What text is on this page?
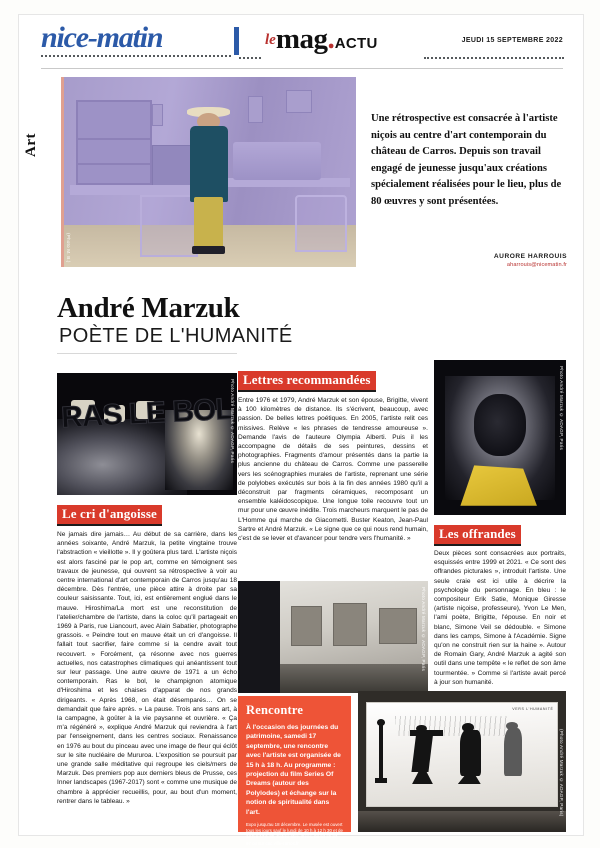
nice-matin	lemag.ACTU	JEUDI 15 SEPTEMBRE 2022
Art
(Photo M. B.)
Une rétrospective est consacrée à l'artiste niçois au centre d'art contemporain du château de Carros. Depuis son travail engagé de jeunesse jusqu'aux créations spécialement réalisées pour le lieu, plus de 80 œuvres y sont présentées.
AURORE HARROUIS
aharrouis@nicematin.fr
André Marzuk
POÈTE DE L'HUMANITÉ
RAS LE BOL
Photo André Marzuk © ADAGP, Paris
Le cri d'angoisse
Ne jamais dire jamais… Au début de sa carrière, dans les années soixante, André Marzuk, la petite vingtaine trouve l'abstraction « vieillotte ». Il y goûtera plus tard. L'artiste niçois est alors fasciné par le pop art, comme en témoignent ses travaux de jeunesse, qui ouvrent sa rétrospective à voir au centre international d'art contemporain de Carros jusqu'au 18 décembre. Dès l'entrée, une pièce attire à droite par sa couleur saisissante. Tout, ici, est entièrement englué dans le mauve. Hiroshima/La mort est une reconstitution de l'atelier/chambre de l'artiste, dans la coloc qu'il partageait en 1969 à Paris, rue Liancourt, avec Alain Sabatier, photographe grassois. « Peindre tout en mauve était un cri d'angoisse. Il fallait tout sacrifier, faire comme si la cendre avait tout recouvert. » Forcément, ça résonne avec nos guerres actuelles, nos catastrophes climatiques qui anéantissent tout sur leur passage. Une autre œuvre de 1971 a un écho contemporain. Ras le bol, le champignon atomique d'Hiroshima et les chaises d'apparat de nos grands dirigeants. « Après 1968, on était désemparés… On se demandait que faire après. » La pause. Trois ans sans art, à la campagne, à goûter à la vie paysanne et ouvrière. « Ça m'a régénéré », explique André Marzuk qui reviendra à l'art par l'enseignement, dans les centres sociaux. Renaissance en 1976 au bout du pinceau avec une image de fleur qui éclôt sur le site nucléaire de Mururoa. L'exposition se poursuit par une grande salle méditative qui regroupe les ciels/mers de Marzuk. Des premiers pop aux derniers bleus de Prusse, ces Inner landscapes (1967-2017) sont « comme une musique de chambre à apprécier recueillis, pour, au bout d'un moment, rentrer dans le tableau. »
Lettres recommandées
Entre 1976 et 1979, André Marzuk et son épouse, Brigitte, vivent à 100 kilomètres de distance. Ils s'écrivent, beaucoup, avec passion. De belles lettres poétiques. En 2005, l'artiste relit ces missives. Relève « les phrases de tendresse amoureuse ». Demande l'avis de l'auteure Olympia Alberti. Puis il les accompagne de détails de ses peintures, dessins et photographies. Fragments d'amour présentés dans la partie la plus ancienne du château de Carros. Comme une passerelle vers les scénographies murales de l'artiste, reprenant une série de polylobes exécutés sur bois à la fin des années 1980 qu'il a déconstruit par fragments céramiques, recomposant un ensemble kaléidoscopique. Une longue toile recouvre tout un mur pour une œuvre inédite. Trois marcheurs marquent le pas de L'Homme qui marche de Giacometti. Buster Keaton, Jean-Paul Sartre et André Marzuk. « Le signe que ce qui nous rend humain, c'est de se lever et d'avancer pour tendre vers l'humanité. »
Photo André Marzuk © ADAGP, Paris
Rencontre
À l'occasion des journées du patrimoine, samedi 17 septembre, une rencontre avec l'artiste est organisée de 15 h à 18 h. Au programme : projection du film Series Of Dreams (autour des Polylodes) et échange sur la notion de spiritualité dans l'art.
Expo jusqu'au 18 décembre. Le musée est ouvert tous les jours sauf le lundi de 10 h à 12 h 30 et de 14 h à 17 h 30. Entrée libre. Rens. 04 93 29 37 97 ou sur cac.ville-carros.fr
Photo André Marzuk © ADAGP, Paris
Les offrandes
Deux pièces sont consacrées aux portraits, esquissés entre 1999 et 2021. « Ce sont des offrandes picturales », introduit l'artiste. Une seule craie est ici utile à décrire la psychologie du personnage. En bleu : le compositeur Erik Satie, Monique Giresse (artiste niçoise, professeure), Yvon Le Men, l'ami poète, Brigitte, l'épouse. En noir et blanc, Simone Veil se dédouble. « Simone dans les camps, Simone à l'Académie. Signe qu'on ne construit rien sur la haine ». Autour de Romain Gary, André Marzuk a agité son outil dans une tempête « le reflet de son âme tourmentée. » Comme si l'artiste avait percé à jour son humanité.
VERS L'HUMANITÉ
(Photo André Marzuk © ADAGP, Paris)
